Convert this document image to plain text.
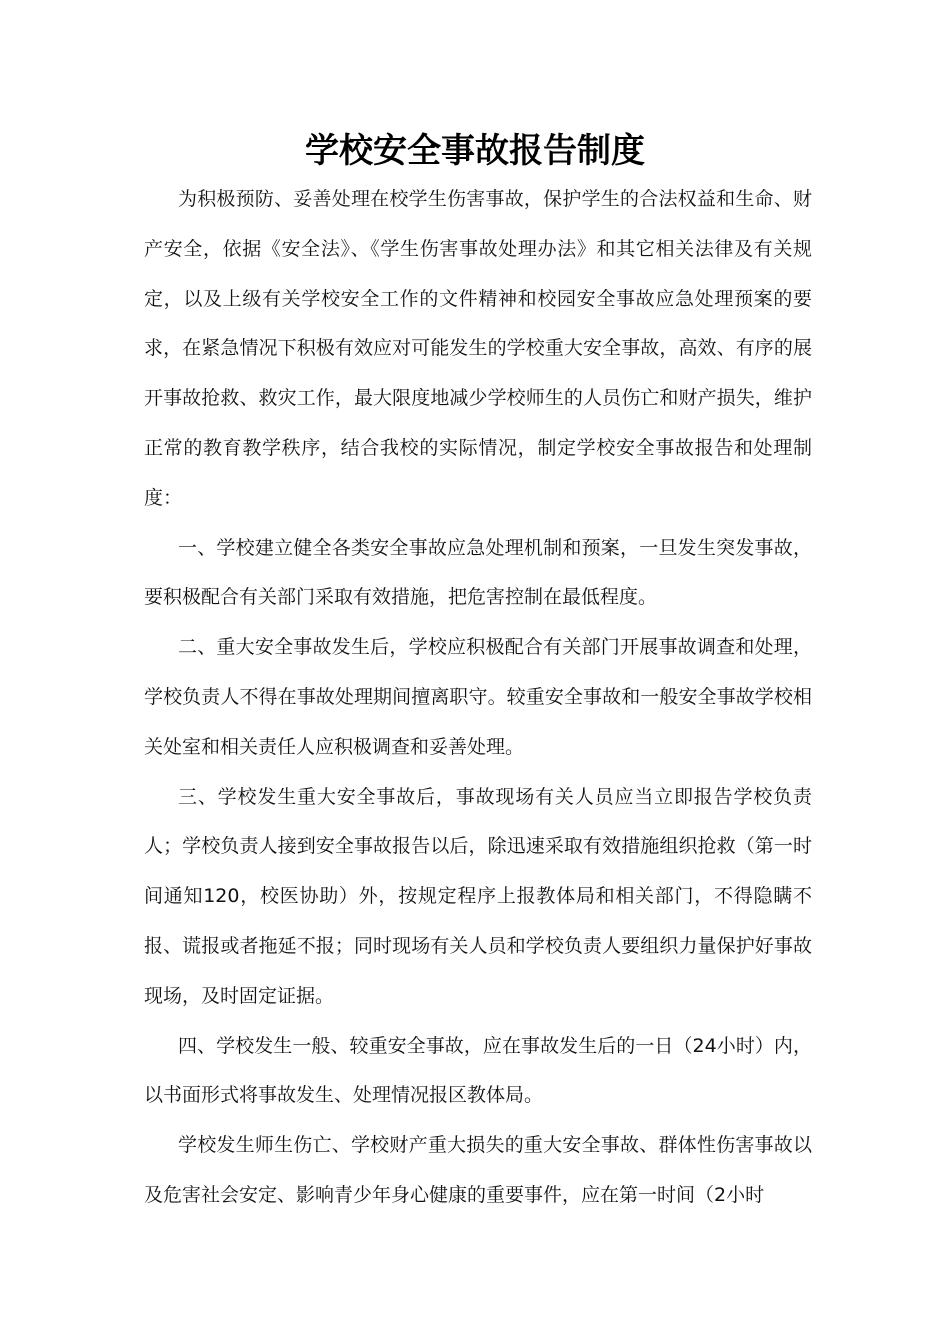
学校安全事故报告制度

为积极预防、妥善处理在校学生伤害事故，保护学生的合法权益和生命、财产安全，依据《安全法》、《学生伤害事故处理办法》和其它相关法律及有关规定，以及上级有关学校安全工作的文件精神和校园安全事故应急处理预案的要求，在紧急情况下积极有效应对可能发生的学校重大安全事故，高效、有序的展开事故抢救、救灾工作，最大限度地减少学校师生的人员伤亡和财产损失，维护正常的教育教学秩序，结合我校的实际情况，制定学校安全事故报告和处理制度：

一、学校建立健全各类安全事故应急处理机制和预案，一旦发生突发事故，要积极配合有关部门采取有效措施，把危害控制在最低程度。

二、重大安全事故发生后，学校应积极配合有关部门开展事故调查和处理，学校负责人不得在事故处理期间擅离职守。较重安全事故和一般安全事故学校相关处室和相关责任人应积极调查和妥善处理。

三、学校发生重大安全事故后，事故现场有关人员应当立即报告学校负责人；学校负责人接到安全事故报告以后，除迅速采取有效措施组织抢救（第一时间通知120，校医协助）外，按规定程序上报教体局和相关部门，不得隐瞒不报、谎报或者拖延不报；同时现场有关人员和学校负责人要组织力量保护好事故现场，及时固定证据。

四、学校发生一般、较重安全事故，应在事故发生后的一日（24小时）内，以书面形式将事故发生、处理情况报区教体局。

学校发生师生伤亡、学校财产重大损失的重大安全事故、群体性伤害事故以及危害社会安定、影响青少年身心健康的重要事件，应在第一时间（2小时
